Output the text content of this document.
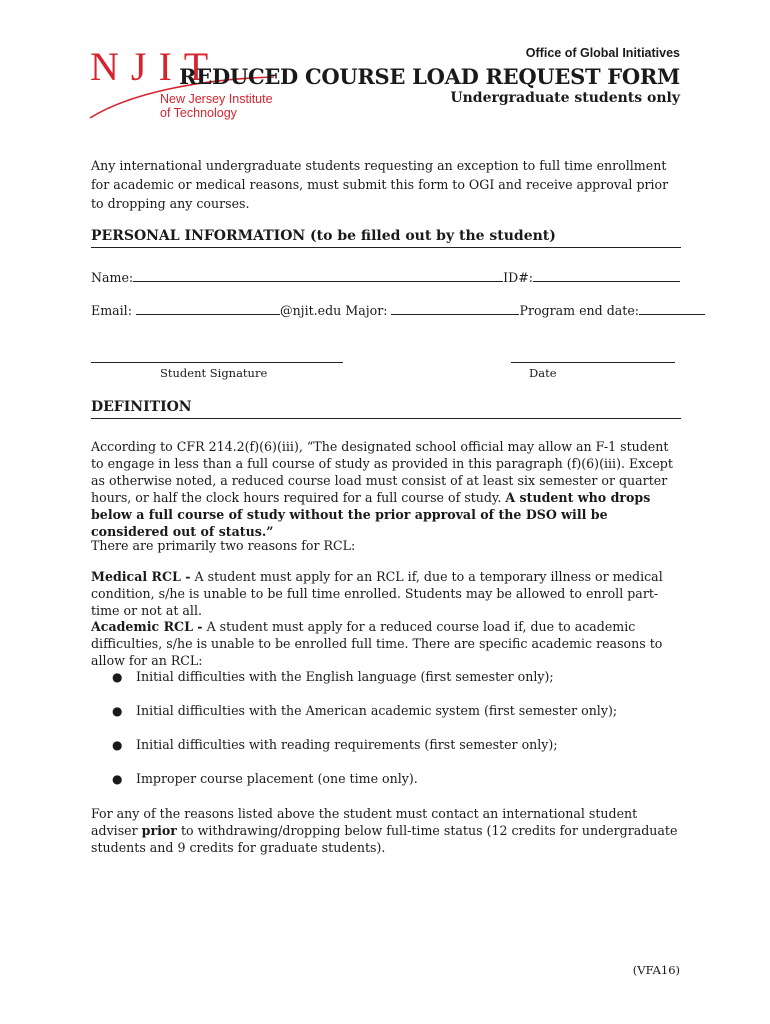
NJIT
New Jersey Institute
of Technology
Office of Global Initiatives
REDUCED COURSE LOAD REQUEST FORM
Undergraduate students only
Any international undergraduate students requesting an exception to full time enrollment for academic or medical reasons, must submit this form to OGI and receive approval prior to dropping any courses.
PERSONAL INFORMATION (to be filled out by the student)
Name:	ID#:
Email:	@njit.edu Major:	Program end date:
Student Signature	Date
DEFINITION
According to CFR 214.2(f)(6)(iii), “The designated school official may allow an F-1 student to engage in less than a full course of study as provided in this paragraph (f)(6)(iii). Except as otherwise noted, a reduced course load must consist of at least six semester or quarter hours, or half the clock hours required for a full course of study. A student who drops below a full course of study without the prior approval of the DSO will be considered out of status.”
There are primarily two reasons for RCL:
Medical RCL - A student must apply for an RCL if, due to a temporary illness or medical condition, s/he is unable to be full time enrolled. Students may be allowed to enroll part-time or not at all.
Academic RCL - A student must apply for a reduced course load if, due to academic difficulties, s/he is unable to be enrolled full time. There are specific academic reasons to allow for an RCL:
● Initial difficulties with the English language (first semester only);
● Initial difficulties with the American academic system (first semester only);
● Initial difficulties with reading requirements (first semester only);
● Improper course placement (one time only).
For any of the reasons listed above the student must contact an international student adviser prior to withdrawing/dropping below full-time status (12 credits for undergraduate students and 9 credits for graduate students).
(VFA16)
